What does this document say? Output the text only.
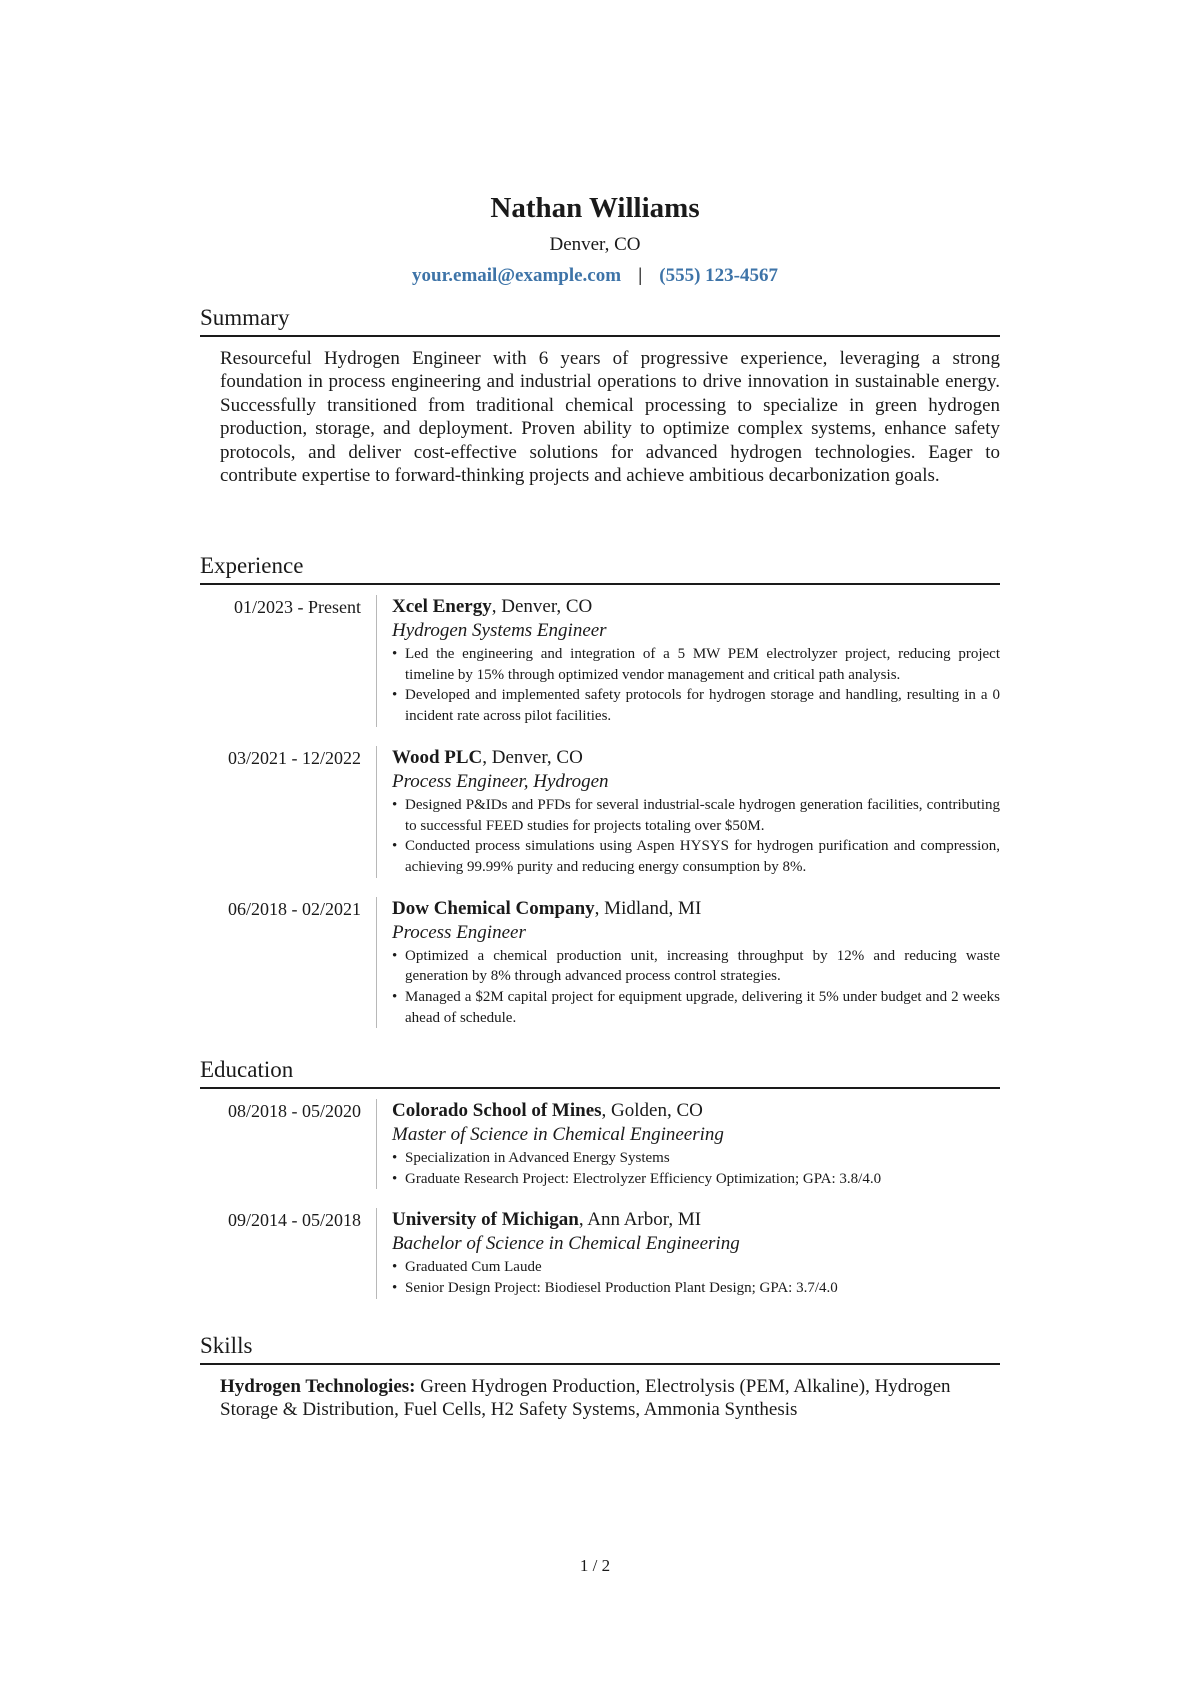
Nathan Williams
Denver, CO
your.email@example.com | (555) 123-4567
Summary
Resourceful Hydrogen Engineer with 6 years of progressive experience, leveraging a strong foundation in process engineering and industrial operations to drive innovation in sustainable energy. Successfully transitioned from traditional chemical processing to specialize in green hydrogen production, storage, and deployment. Proven ability to optimize complex systems, enhance safety protocols, and deliver cost-effective solutions for advanced hydrogen technologies. Eager to contribute expertise to forward-thinking projects and achieve ambitious decarbonization goals.
Experience
01/2023 - Present	Xcel Energy, Denver, CO
Hydrogen Systems Engineer
• Led the engineering and integration of a 5 MW PEM electrolyzer project, reducing project timeline by 15% through optimized vendor management and critical path analysis.
• Developed and implemented safety protocols for hydrogen storage and handling, resulting in a 0 incident rate across pilot facilities.
03/2021 - 12/2022	Wood PLC, Denver, CO
Process Engineer, Hydrogen
• Designed P&IDs and PFDs for several industrial-scale hydrogen generation facilities, contributing to successful FEED studies for projects totaling over $50M.
• Conducted process simulations using Aspen HYSYS for hydrogen purification and compression, achieving 99.99% purity and reducing energy consumption by 8%.
06/2018 - 02/2021	Dow Chemical Company, Midland, MI
Process Engineer
• Optimized a chemical production unit, increasing throughput by 12% and reducing waste generation by 8% through advanced process control strategies.
• Managed a $2M capital project for equipment upgrade, delivering it 5% under budget and 2 weeks ahead of schedule.
Education
08/2018 - 05/2020	Colorado School of Mines, Golden, CO
Master of Science in Chemical Engineering
• Specialization in Advanced Energy Systems
• Graduate Research Project: Electrolyzer Efficiency Optimization; GPA: 3.8/4.0
09/2014 - 05/2018	University of Michigan, Ann Arbor, MI
Bachelor of Science in Chemical Engineering
• Graduated Cum Laude
• Senior Design Project: Biodiesel Production Plant Design; GPA: 3.7/4.0
Skills
Hydrogen Technologies: Green Hydrogen Production, Electrolysis (PEM, Alkaline), Hydrogen Storage & Distribution, Fuel Cells, H2 Safety Systems, Ammonia Synthesis
1 / 2
